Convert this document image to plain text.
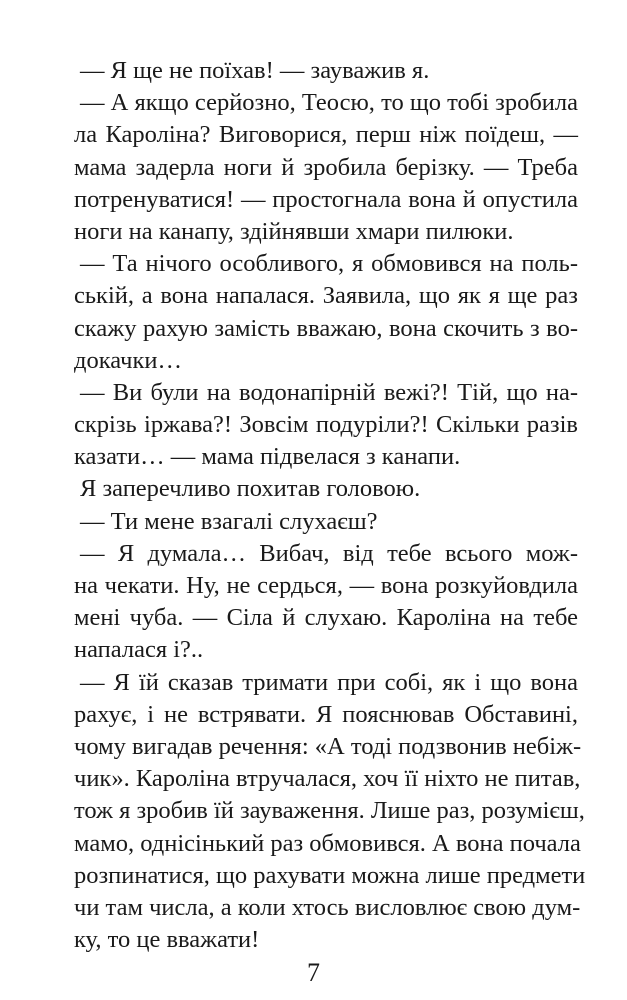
— Я ще не поїхав! — зауважив я.
— А якщо серйозно, Теосю, то що тобі зробила
ла Кароліна? Виговорися, перш ніж поїдеш, —
мама задерла ноги й зробила берізку. — Треба
потренуватися! — простогнала вона й опустила
ноги на канапу, здійнявши хмари пилюки.
— Та нічого особливого, я обмовився на поль-
ській, а вона напалася. Заявила, що як я ще раз
скажу рахую замість вважаю, вона скочить з во-
докачки…
— Ви були на водонапірній вежі?! Тій, що на-
скрізь іржава?! Зовсім подуріли?! Скільки разів
казати… — мама підвелася з канапи.
Я заперечливо похитав головою.
— Ти мене взагалі слухаєш?
— Я думала… Вибач, від тебе всього мож-
на чекати. Ну, не сердься, — вона розкуйовдила
мені чуба. — Сіла й слухаю. Кароліна на тебе
напалася і?..
— Я їй сказав тримати при собі, як і що вона
рахує, і не встрявати. Я пояснював Обставині,
чому вигадав речення: «А тоді подзвонив небіж-
чик». Кароліна втручалася, хоч її ніхто не питав,
тож я зробив їй зауваження. Лише раз, розумієш,
мамо, однісінький раз обмовився. А вона почала
розпинатися, що рахувати можна лише предмети
чи там числа, а коли хтось висловлює свою дум-
ку, то це вважати!
7
